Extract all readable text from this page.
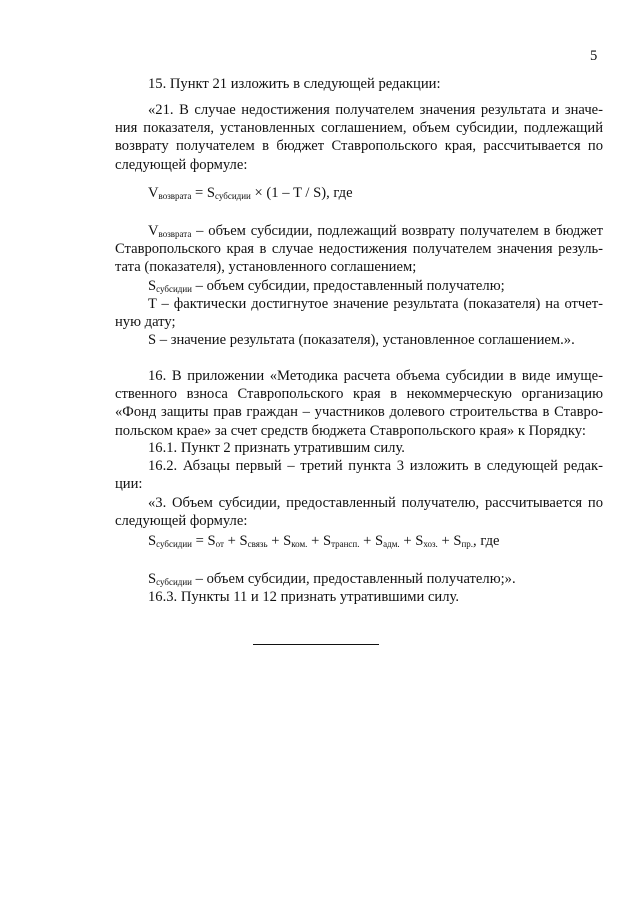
5
15. Пункт 21 изложить в следующей редакции:
«21. В случае недостижения получателем значения результата и значе-
ния показателя, установленных соглашением, объем субсидии, подлежащий
возврату получателем в бюджет Ставропольского края, рассчитывается по
следующей формуле:
$V_{возврата} = S_{субсидии} \times (1 - T / S)$, где
$V_{возврата}$ – объем субсидии, подлежащий возврату получателем в бюджет
Ставропольского края в случае недостижения получателем значения резуль-
тата (показателя), установленного соглашением;
$S_{субсидии}$ – объем субсидии, предоставленный получателю;
T – фактически достигнутое значение результата (показателя) на отчет-
ную дату;
S – значение результата (показателя), установленное соглашением.».
16. В приложении «Методика расчета объема субсидии в виде имуще-
ственного взноса Ставропольского края в некоммерческую организацию
«Фонд защиты прав граждан – участников долевого строительства в Ставро-
польском крае» за счет средств бюджета Ставропольского края» к Порядку:
16.1. Пункт 2 признать утратившим силу.
16.2. Абзацы первый – третий пункта 3 изложить в следующей редак-
ции:
«3. Объем субсидии, предоставленный получателю, рассчитывается по
следующей формуле:
$S_{субсидии} = S_{от} + S_{связь} + S_{ком.} + S_{трансп.} + S_{адм.} + S_{хоз.} + S_{пр.}$, где
$S_{субсидии}$ – объем субсидии, предоставленный получателю;».
16.3. Пункты 11 и 12 признать утратившими силу.
